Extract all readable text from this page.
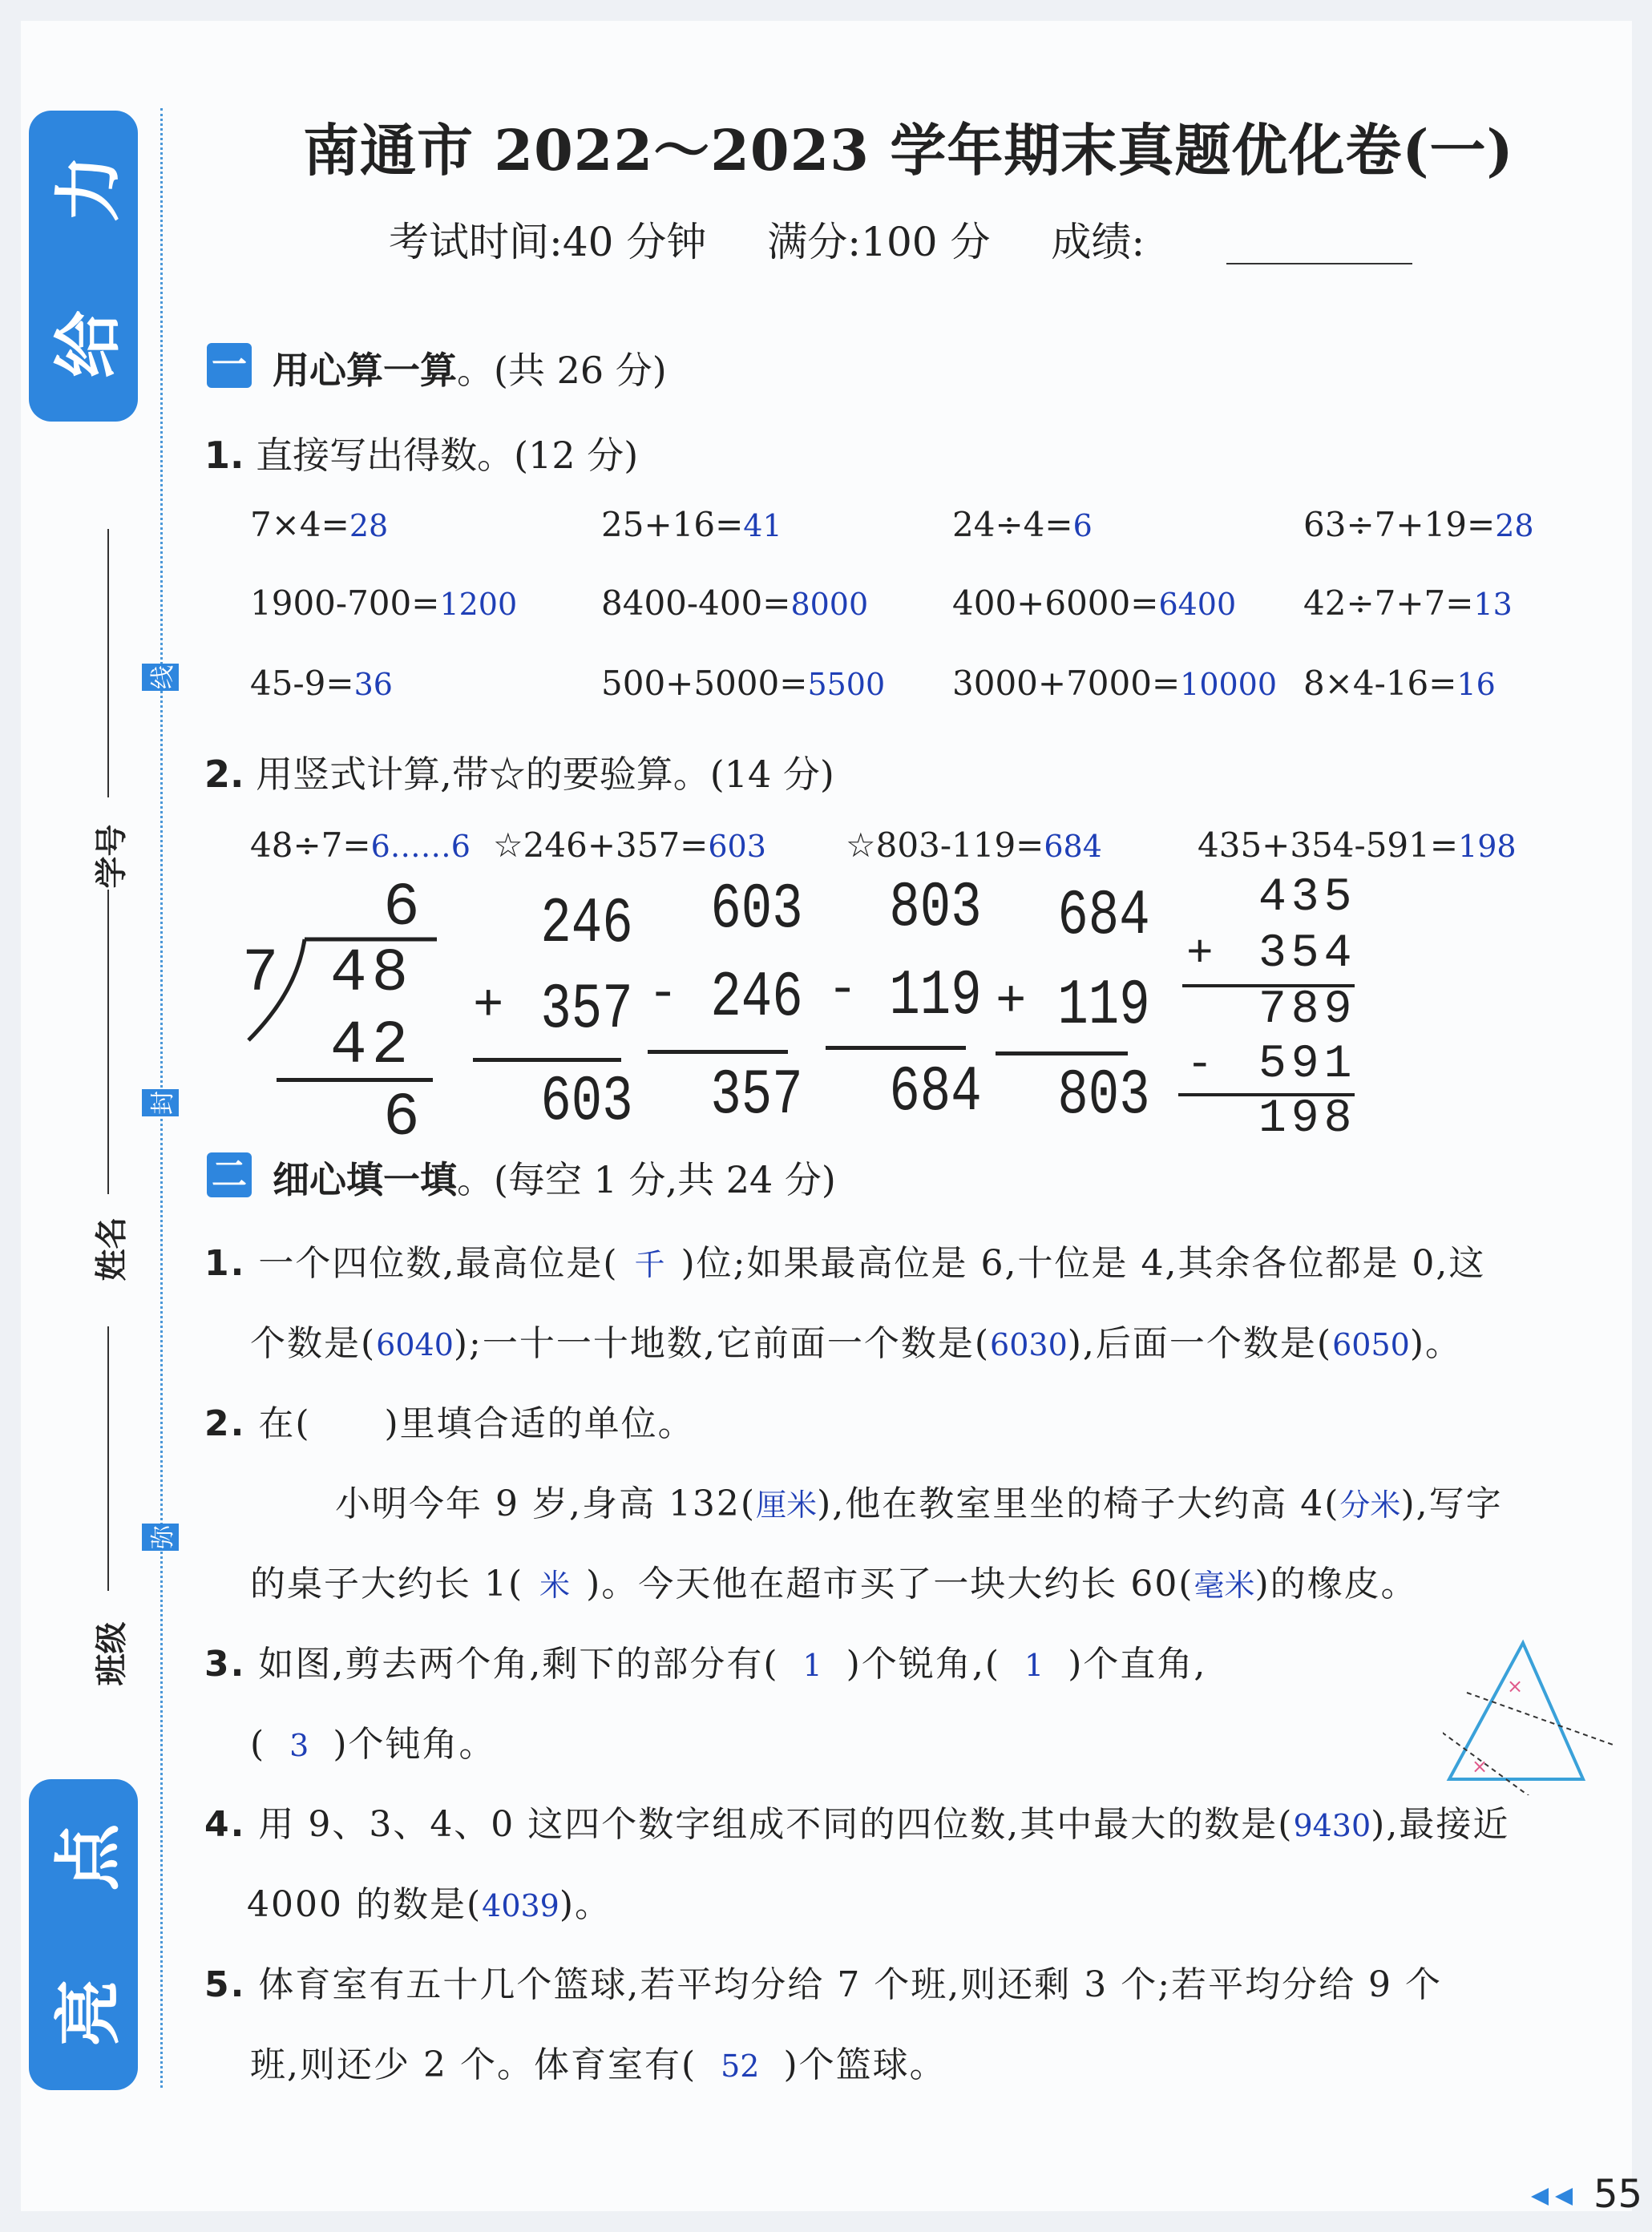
力
给
点
亮
学号
姓名
班级
线
封
弥
南通市 2022～2023 学年期末真题优化卷(一)
考试时间:40 分钟 满分:100 分 成绩:
一 用心算一算。(共 26 分)
1. 直接写出得数。(12 分)
7×4=28	25+16=41	24÷4=6	63÷7+19=28
1900-700=1200 8400-400=8000 400+6000=6400 42÷7+7=13
45-9=36	500+5000=5500 3000+7000=10000 8×4-16=16
2. 用竖式计算,带☆的要验算。(14 分)
48÷7=6……6 ☆246+357=603 ☆803-119=684	435+354-591=198
6
7 48
42
6
246
+ 357
603
603
- 246
357
803
- 119
684
684
+ 119
803
435
+ 354
789
- 591
198
二 细心填一填。(每空 1 分,共 24 分)
1. 一个四位数,最高位是( 千 )位;如果最高位是 6,十位是 4,其余各位都是 0,这
个数是(6040);一十一十地数,它前面一个数是(6030),后面一个数是(6050)。
2. 在(　　)里填合适的单位。
小明今年 9 岁,身高 132(厘米),他在教室里坐的椅子大约高 4(分米),写字
的桌子大约长 1( 米 )。今天他在超市买了一块大约长 60(毫米)的橡皮。
3. 如图,剪去两个角,剩下的部分有( 1 )个锐角,( 1 )个直角,
( 3 )个钝角。
×
×
4. 用 9、3、4、0 这四个数字组成不同的四位数,其中最大的数是(9430),最接近
4000 的数是(4039)。
5. 体育室有五十几个篮球,若平均分给 7 个班,则还剩 3 个;若平均分给 9 个
班,则还少 2 个。体育室有( 52 )个篮球。
55
